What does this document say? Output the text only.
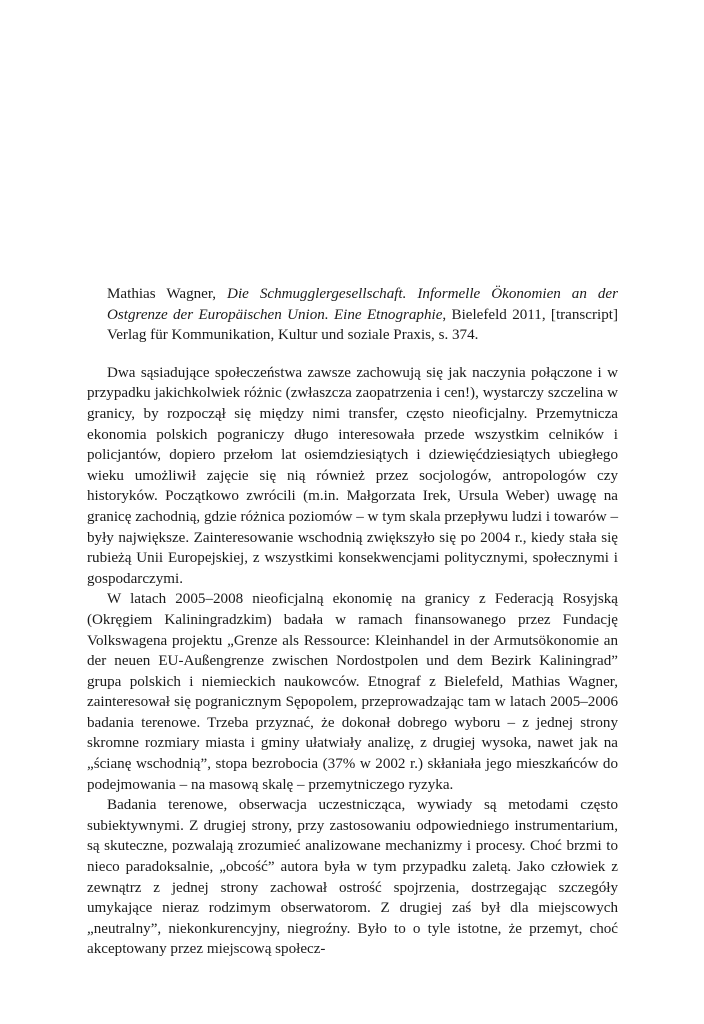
Mathias Wagner, Die Schmugglergesellschaft. Informelle Ökonomien an der Ostgrenze der Europäischen Union. Eine Etnographie, Bielefeld 2011, [transcript] Verlag für Kommunikation, Kultur und soziale Praxis, s. 374.

Dwa sąsiadujące społeczeństwa zawsze zachowują się jak naczynia połączone i w przypadku jakichkolwiek różnic (zwłaszcza zaopatrzenia i cen!), wystarczy szczelina w granicy, by rozpoczął się między nimi transfer, często nieoficjalny. Przemytnicza ekonomia polskich pograniczy długo interesowała przede wszystkim celników i policjantów, dopiero przełom lat osiemdziesiątych i dziewięćdziesiątych ubiegłego wieku umożliwił zajęcie się nią również przez socjologów, antropologów czy historyków. Początkowo zwrócili (m.in. Małgorzata Irek, Ursula Weber) uwagę na granicę zachodnią, gdzie różnica poziomów – w tym skala przepływu ludzi i towarów – były największe. Zainteresowanie wschodnią zwiększyło się po 2004 r., kiedy stała się rubieżą Unii Europejskiej, z wszystkimi konsekwencjami politycznymi, społecznymi i gospodarczymi.

W latach 2005–2008 nieoficjalną ekonomię na granicy z Federacją Rosyjską (Okręgiem Kaliningradzkim) badała w ramach finansowanego przez Fundację Volkswagena projektu „Grenze als Ressource: Kleinhandel in der Armutsökonomie an der neuen EU-Außengrenze zwischen Nordostpolen und dem Bezirk Kaliningrad” grupa polskich i niemieckich naukowców. Etnograf z Bielefeld, Mathias Wagner, zainteresował się pogranicznym Sępopolem, przeprowadzając tam w latach 2005–2006 badania terenowe. Trzeba przyznać, że dokonał dobrego wyboru – z jednej strony skromne rozmiary miasta i gminy ułatwiały analizę, z drugiej wysoka, nawet jak na „ścianę wschodnią”, stopa bezrobocia (37% w 2002 r.) skłaniała jego mieszkańców do podejmowania – na masową skalę – przemytniczego ryzyka.

Badania terenowe, obserwacja uczestnicząca, wywiady są metodami często subiektywnymi. Z drugiej strony, przy zastosowaniu odpowiedniego instrumentarium, są skuteczne, pozwalają zrozumieć analizowane mechanizmy i procesy. Choć brzmi to nieco paradoksalnie, „obcość” autora była w tym przypadku zaletą. Jako człowiek z zewnątrz z jednej strony zachował ostrość spojrzenia, dostrzegając szczegóły umykające nieraz rodzimym obserwatorom. Z drugiej zaś był dla miejscowych „neutralny”, niekonkurencyjny, niegroźny. Było to o tyle istotne, że przemyt, choć akceptowany przez miejscową społecz-
